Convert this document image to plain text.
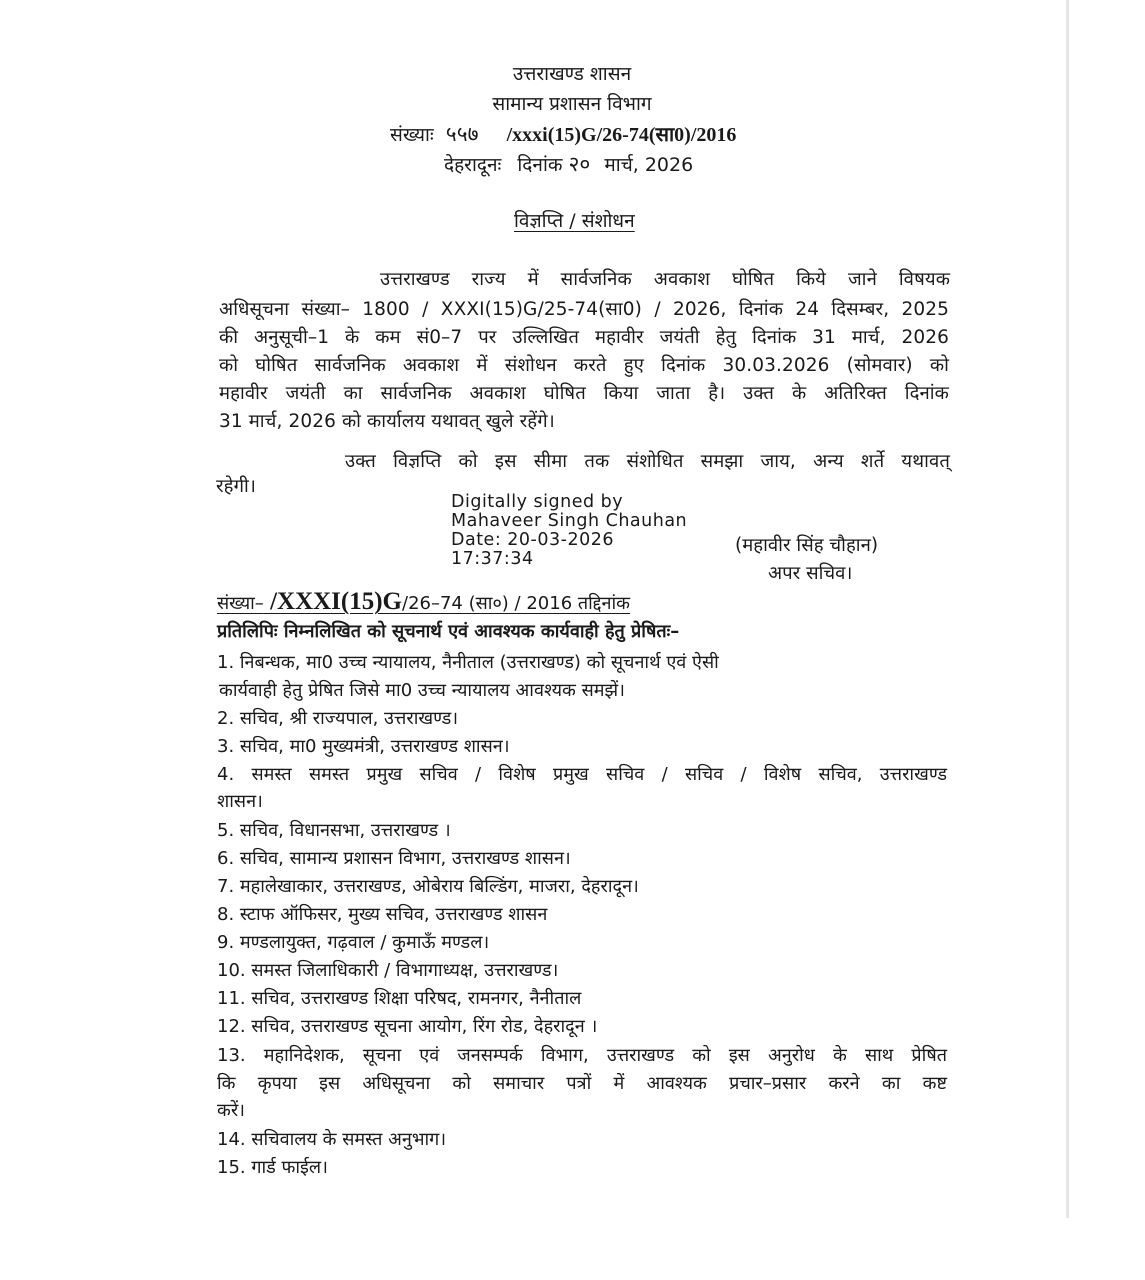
उत्तराखण्ड शासन
सामान्य प्रशासन विभाग
संख्याः ५५७ /xxxi(15)G/26-74(सा0)/2016
देहरादूनः दिनांक २० मार्च, 2026
विज्ञप्ति / संशोधन
उत्तराखण्ड राज्य में सार्वजनिक अवकाश घोषित किये जाने विषयक
अधिसूचना संख्या– 1800 / XXXI(15)G/25-74(सा0) / 2026, दिनांक 24 दिसम्बर, 2025
की अनुसूची–1 के कम सं0–7 पर उल्लिखित महावीर जयंती हेतु दिनांक 31 मार्च, 2026
को घोषित सार्वजनिक अवकाश में संशोधन करते हुए दिनांक 30.03.2026 (सोमवार) को
महावीर जयंती का सार्वजनिक अवकाश घोषित किया जाता है। उक्त के अतिरिक्त दिनांक
31 मार्च, 2026 को कार्यालय यथावत् खुले रहेंगे।
उक्त विज्ञप्ति को इस सीमा तक संशोधित समझा जाय, अन्य शर्ते यथावत्
रहेगी।
Digitally signed by
Mahaveer Singh Chauhan
Date: 20-03-2026
17:37:34
(महावीर सिंह चौहान)
अपर सचिव।
संख्या– /XXXI(15)G/26–74 (सा०) / 2016 तद्दिनांक
प्रतिलिपिः निम्नलिखित को सूचनार्थ एवं आवश्यक कार्यवाही हेतु प्रेषितः–
1. निबन्धक, मा0 उच्च न्यायालय, नैनीताल (उत्तराखण्ड) को सूचनार्थ एवं ऐसी
कार्यवाही हेतु प्रेषित जिसे मा0 उच्च न्यायालय आवश्यक समझें।
2. सचिव, श्री राज्यपाल, उत्तराखण्ड।
3. सचिव, मा0 मुख्यमंत्री, उत्तराखण्ड शासन।
4. समस्त समस्त प्रमुख सचिव / विशेष प्रमुख सचिव / सचिव / विशेष सचिव, उत्तराखण्ड
शासन।
5. सचिव, विधानसभा, उत्तराखण्ड ।
6. सचिव, सामान्य प्रशासन विभाग, उत्तराखण्ड शासन।
7. महालेखाकार, उत्तराखण्ड, ओबेराय बिल्डिंग, माजरा, देहरादून।
8. स्टाफ ऑफिसर, मुख्य सचिव, उत्तराखण्ड शासन
9. मण्डलायुक्त, गढ़वाल / कुमाऊँ मण्डल।
10. समस्त जिलाधिकारी / विभागाध्यक्ष, उत्तराखण्ड।
11. सचिव, उत्तराखण्ड शिक्षा परिषद, रामनगर, नैनीताल
12. सचिव, उत्तराखण्ड सूचना आयोग, रिंग रोड, देहरादून ।
13. महानिदेशक, सूचना एवं जनसम्पर्क विभाग, उत्तराखण्ड को इस अनुरोध के साथ प्रेषित
कि कृपया इस अधिसूचना को समाचार पत्रों में आवश्यक प्रचार–प्रसार करने का कष्ट
करें।
14. सचिवालय के समस्त अनुभाग।
15. गार्ड फाईल।
